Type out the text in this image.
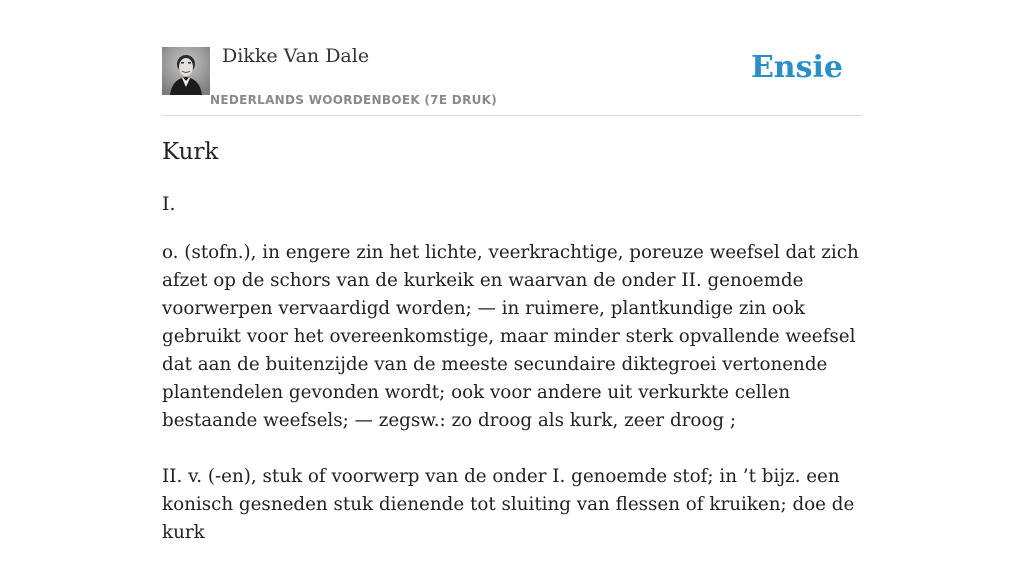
Dikke Van Dale
NEDERLANDS WOORDENBOEK (7E DRUK)
Ensie
Kurk
I.

o. (stofn.), in engere zin het lichte, veerkrachtige, poreuze weefsel dat zich afzet op de schors van de kurkeik en waarvan de onder II. genoemde voorwerpen vervaardigd worden; — in ruimere, plantkundige zin ook gebruikt voor het overeenkomstige, maar minder sterk opvallende weefsel dat aan de buitenzijde van de meeste secundaire diktegroei vertonende plantendelen gevonden wordt; ook voor andere uit verkurkte cellen bestaande weefsels; — zegsw.: zo droog als kurk, zeer droog ;

II. v. (-en), stuk of voorwerp van de onder I. genoemde stof; in ’t bijz. een konisch gesneden stuk dienende tot sluiting van flessen of kruiken; doe de kurk
